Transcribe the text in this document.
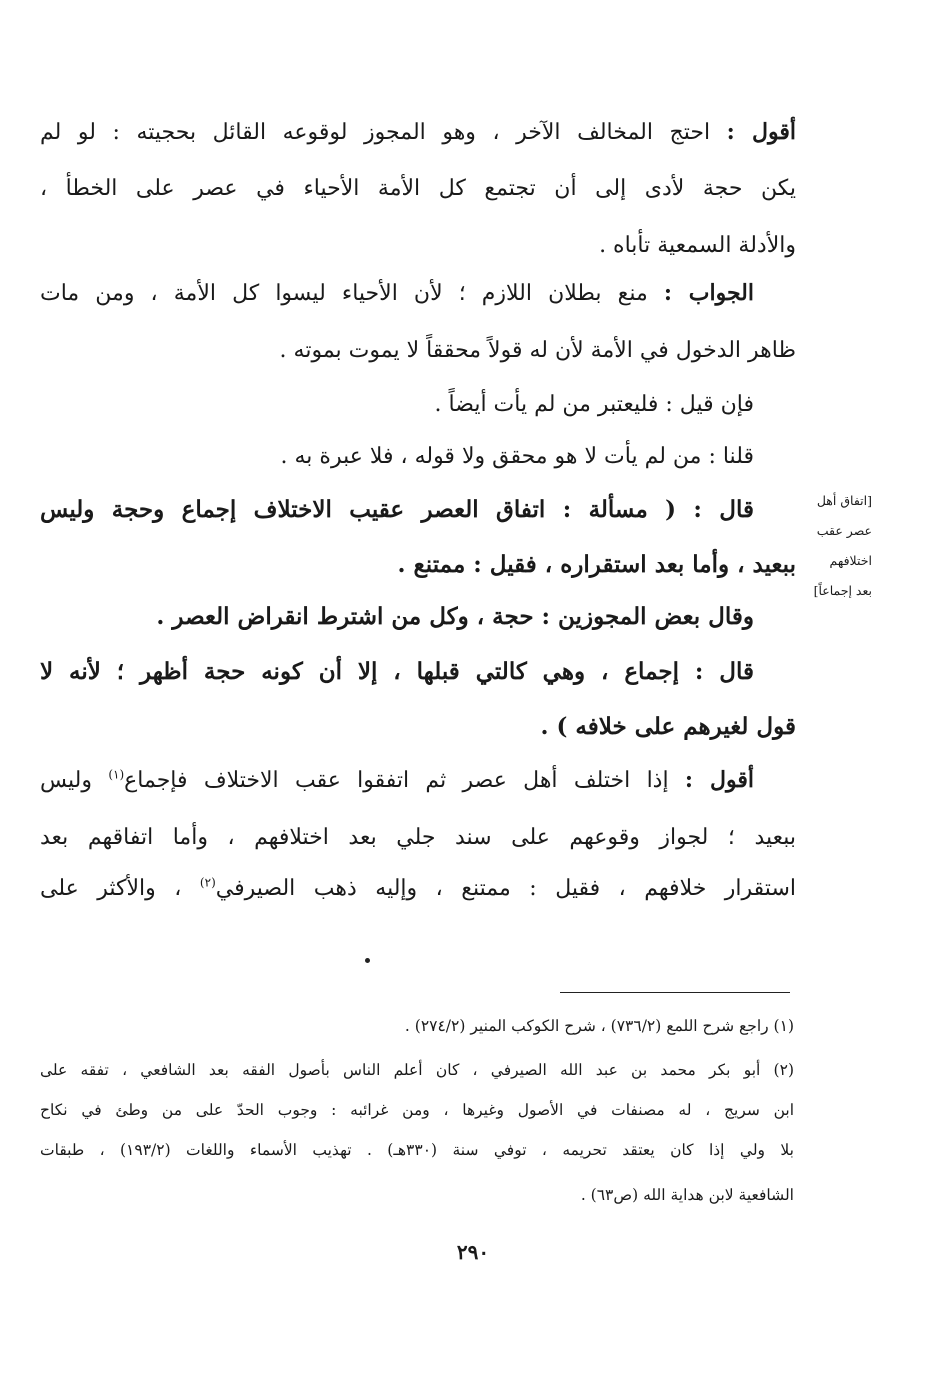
أقول : احتج المخالف الآخر ، وهو المجوز لوقوعه القائل بحجيته : لو لم
يكن حجة لأدى إلى أن تجتمع كل الأمة الأحياء في عصر على الخطأ ،
والأدلة السمعية تأباه .
الجواب : منع بطلان اللازم ؛ لأن الأحياء ليسوا كل الأمة ، ومن مات
ظاهر الدخول في الأمة لأن له قولاً محققاً لا يموت بموته .
فإن قيل : فليعتبر من لم يأت أيضاً .
قلنا : من لم يأت لا هو محقق ولا قوله ، فلا عبرة به .
[اتفاق أهل
عصر عقب
اختلافهم
بعد إجماعاً]
قال : ( مسألة : اتفاق العصر عقيب الاختلاف إجماع وحجة وليس
ببعيد ، وأما بعد استقراره ، فقيل : ممتنع .
وقال بعض المجوزين : حجة ، وكل من اشترط انقراض العصر .
قال : إجماع ، وهي كالتي قبلها ، إلا أن كونه حجة أظهر ؛ لأنه لا
قول لغيرهم على خلافه ) .
أقول : إذا اختلف أهل عصر ثم اتفقوا عقب الاختلاف فإجماع$^{(١)}$ وليس
ببعيد ؛ لجواز وقوعهم على سند جلي بعد اختلافهم ، وأما اتفاقهم بعد
استقرار خلافهم ، فقيل : ممتنع ، وإليه ذهب الصيرفي$^{(٢)}$ ، والأكثر على
(١) راجع شرح اللمع (٧٣٦/٢) ، شرح الكوكب المنير (٢٧٤/٢) .
(٢) أبو بكر محمد بن عبد الله الصيرفي ، كان أعلم الناس بأصول الفقه بعد الشافعي ، تفقه على
ابن سريج ، له مصنفات في الأصول وغيرها ، ومن غرائبه : وجوب الحدّ على من وطئ في نكاح
بلا ولي إذا كان يعتقد تحريمه ، توفي سنة (٣٣٠هـ) . تهذيب الأسماء واللغات (١٩٣/٢) ، طبقات
الشافعية لابن هداية الله (ص٦٣) .
٢٩٠
